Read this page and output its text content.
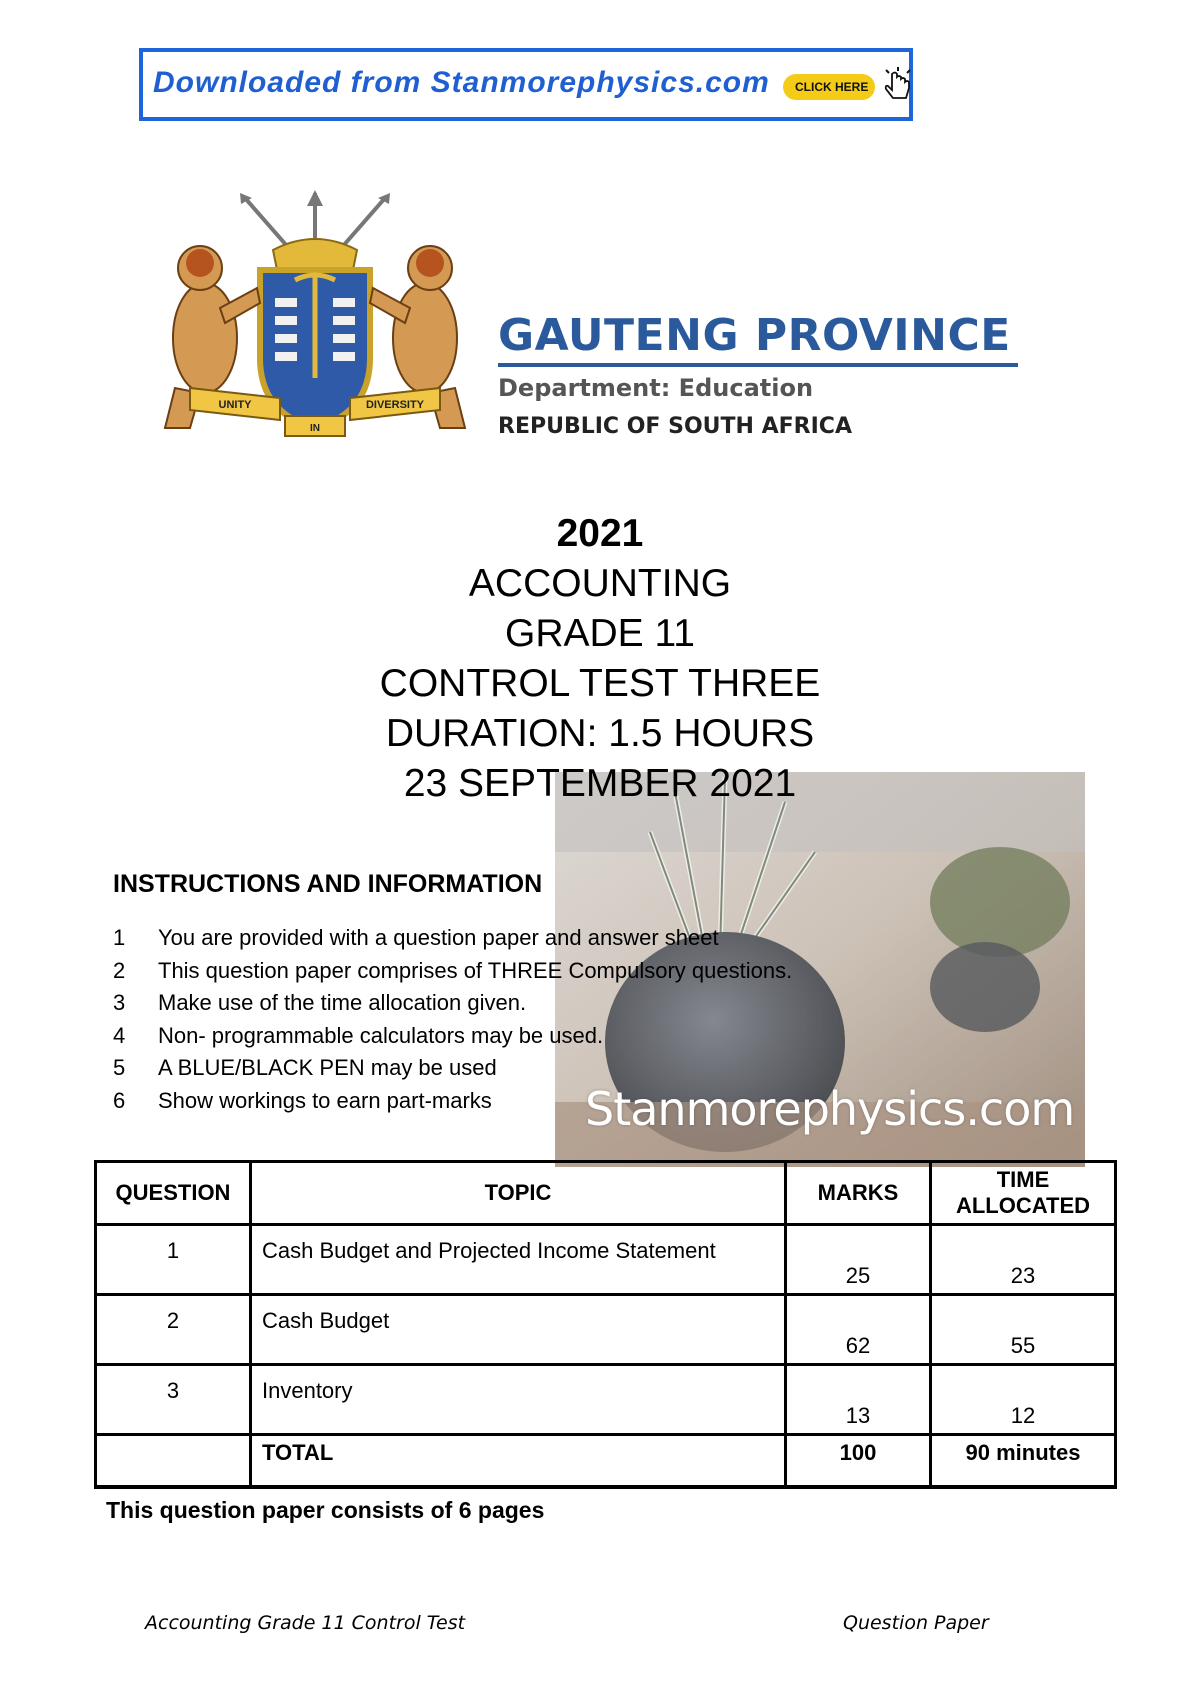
Downloaded from Stanmorephysics.com	CLICK HERE
UNITY
IN
DIVERSITY
GAUTENG PROVINCE
Department: Education
REPUBLIC OF SOUTH AFRICA
Stanmorephysics.com
2021
ACCOUNTING
GRADE 11
CONTROL TEST THREE
DURATION: 1.5 HOURS
23 SEPTEMBER 2021
INSTRUCTIONS AND INFORMATION
1	You are provided with a question paper and answer sheet
2	This question paper comprises of THREE Compulsory questions.
3	Make use of the time allocation given.
4	Non- programmable calculators may be used.
5	A BLUE/BLACK PEN may be used
6	Show workings to earn part-marks
QUESTION	TOPIC	MARKS	TIME
ALLOCATED

1	Cash Budget and Projected Income Statement	25	23
2	Cash Budget	62	55
3	Inventory	13	12
	TOTAL	100	90 minutes
This question paper consists of 6 pages
Accounting Grade 11 Control Test	Question Paper
